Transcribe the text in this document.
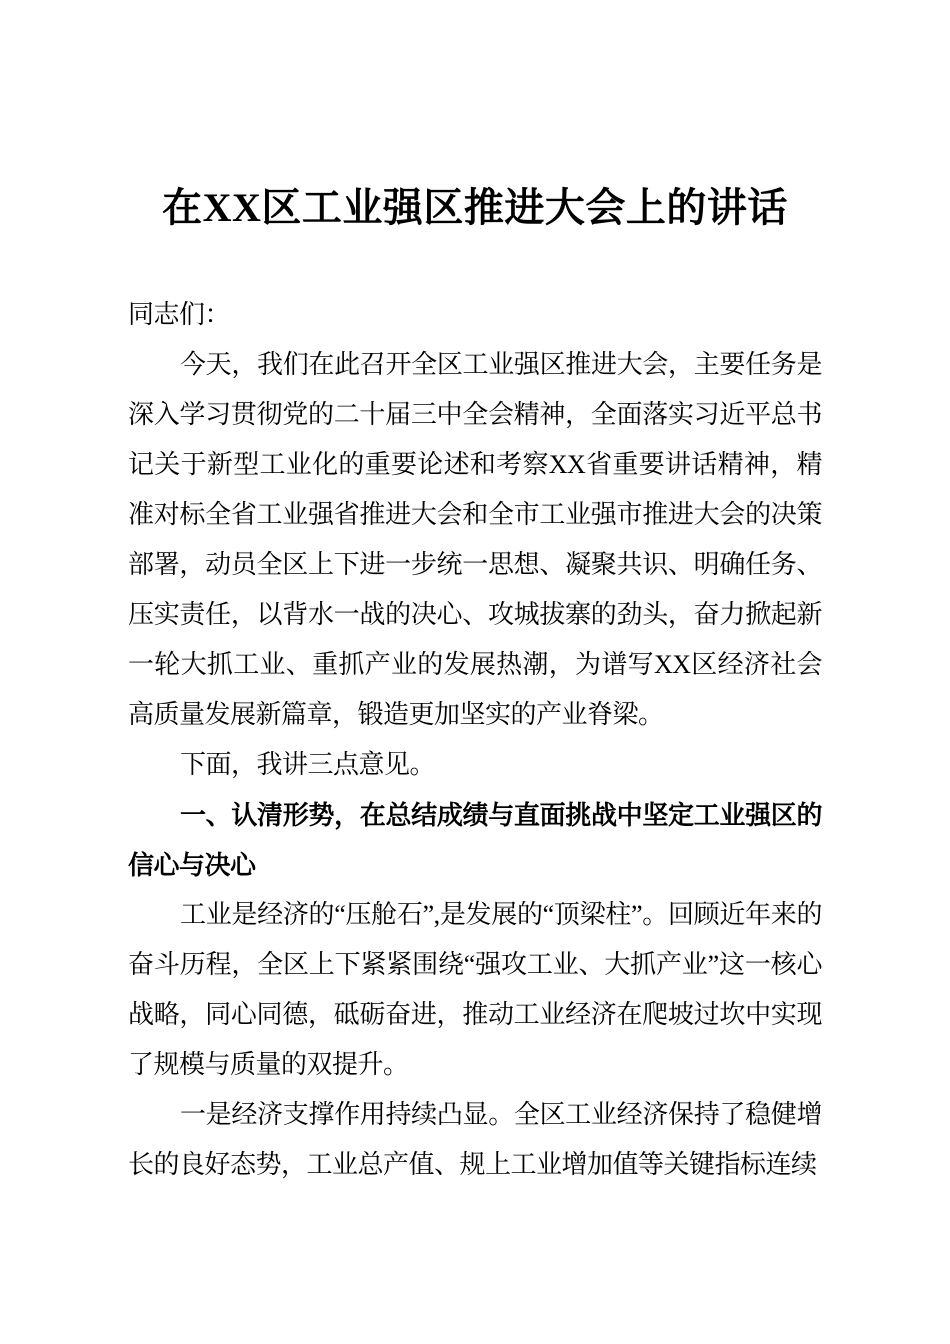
在XX区工业强区推进大会上的讲话

同志们：

今天，我们在此召开全区工业强区推进大会，主要任务是深入学习贯彻党的二十届三中全会精神，全面落实习近平总书记关于新型工业化的重要论述和考察XX省重要讲话精神，精准对标全省工业强省推进大会和全市工业强市推进大会的决策部署，动员全区上下进一步统一思想、凝聚共识、明确任务、压实责任，以背水一战的决心、攻城拔寨的劲头，奋力掀起新一轮大抓工业、重抓产业的发展热潮，为谱写XX区经济社会高质量发展新篇章，锻造更加坚实的产业脊梁。

下面，我讲三点意见。

一、认清形势，在总结成绩与直面挑战中坚定工业强区的信心与决心

工业是经济的“压舱石”,是发展的“顶梁柱”。回顾近年来的奋斗历程，全区上下紧紧围绕“强攻工业、大抓产业”这一核心战略，同心同德，砥砺奋进，推动工业经济在爬坡过坎中实现了规模与质量的双提升。

一是经济支撑作用持续凸显。全区工业经济保持了稳健增长的良好态势，工业总产值、规上工业增加值等关键指标连续
